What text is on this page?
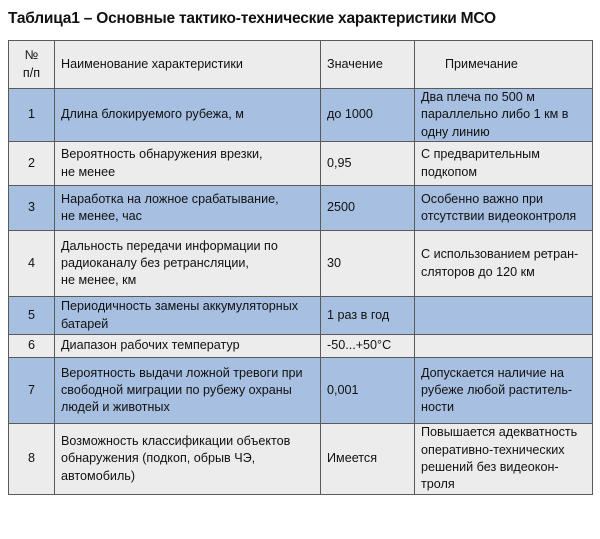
Таблица1 – Основные тактико-технические характеристики МСО
№
п/п	Наименование характеристики	Значение	Примечание
1	Длина блокируемого рубежа, м	до 1000	Два плеча по 500 м
параллельно либо 1 км в
одну линию

2	Вероятность обнаружения врезки,
не менее	0,95	С предварительным
подкопом

3	Наработка на ложное срабатывание,
не менее, час	2500	Особенно важно при
отсутствии видеоконтроля

4	Дальность передачи информации по
радиоканалу без ретрансляции,
не менее, км	30	С использованием ретран-
сляторов до 120 км

5	Периодичность замены аккумуляторных
батарей	1 раз в год	

6	Диапазон рабочих температур	-50...+50°С	

7	Вероятность выдачи ложной тревоги при
свободной миграции по рубежу охраны
людей и животных	0,001	Допускается наличие на
рубеже любой раститель-
ности

8	Возможность классификации объектов
обнаружения (подкоп, обрыв ЧЭ,
автомобиль)	Имеется	Повышается адекватность
оперативно-технических
решений без видеокон-
троля
